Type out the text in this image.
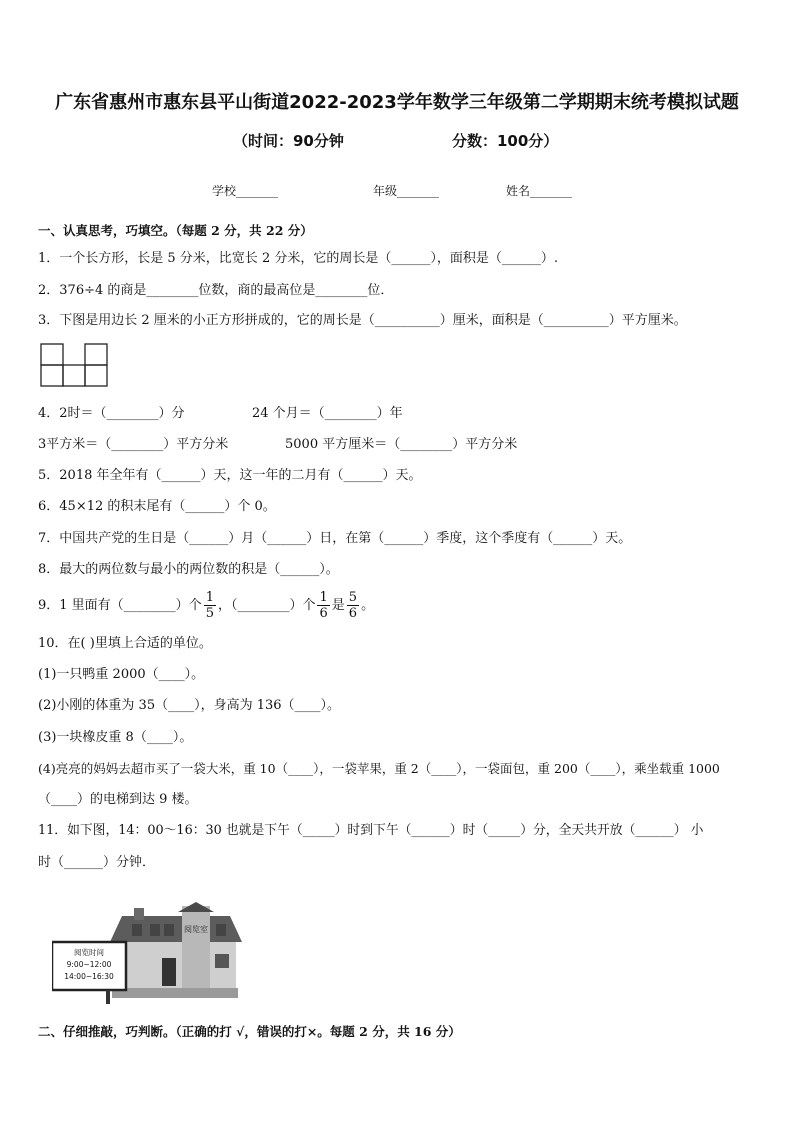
广东省惠州市惠东县平山街道2022-2023学年数学三年级第二学期期末统考模拟试题
（时间：90分钟	分数：100分）
学校_______	年级_______	姓名_______
一、认真思考，巧填空。（每题 2 分，共 22 分）
1．一个长方形，长是 5 分米，比宽长 2 分米，它的周长是（______），面积是（______）.
2．376÷4 的商是________位数，商的最高位是________位．
3．下图是用边长 2 厘米的小正方形拼成的，它的周长是（__________）厘米，面积是（__________）平方厘米。
4．2时＝（________）分	24 个月＝（________）年
3平方米＝（________）平方分米	5000 平方厘米＝（________）平方分米
5．2018 年全年有（______）天，这一年的二月有（______）天。
6．45×12 的积末尾有（______）个 0。
7．中国共产党的生日是（______）月（______）日，在第（______）季度，这个季度有（______）天。
8．最大的两位数与最小的两位数的积是（______）。
9．1 里面有（________）个 $\frac{1}{5}$ ，（________）个 $\frac{1}{6}$ 是 $\frac{5}{6}$ 。
10．在( )里填上合适的单位。
(1)一只鸭重 2000（____）。
(2)小刚的体重为 35（____），身高为 136（____）。
(3)一块橡皮重 8（____）。
(4)亮亮的妈妈去超市买了一袋大米，重 10（____），一袋苹果，重 2（____），一袋面包，重 200（____），乘坐载重 1000
（____）的电梯到达 9 楼。
11．如下图，14：00～16：30 也就是下午（_____）时到下午（______）时（_____）分，全天共开放（______） 小
时（______）分钟．
阅览室
阅览时间
9:00~12:00
14:00~16:30
二、仔细推敲，巧判断。（正确的打 √，错误的打×。每题 2 分，共 16 分）
